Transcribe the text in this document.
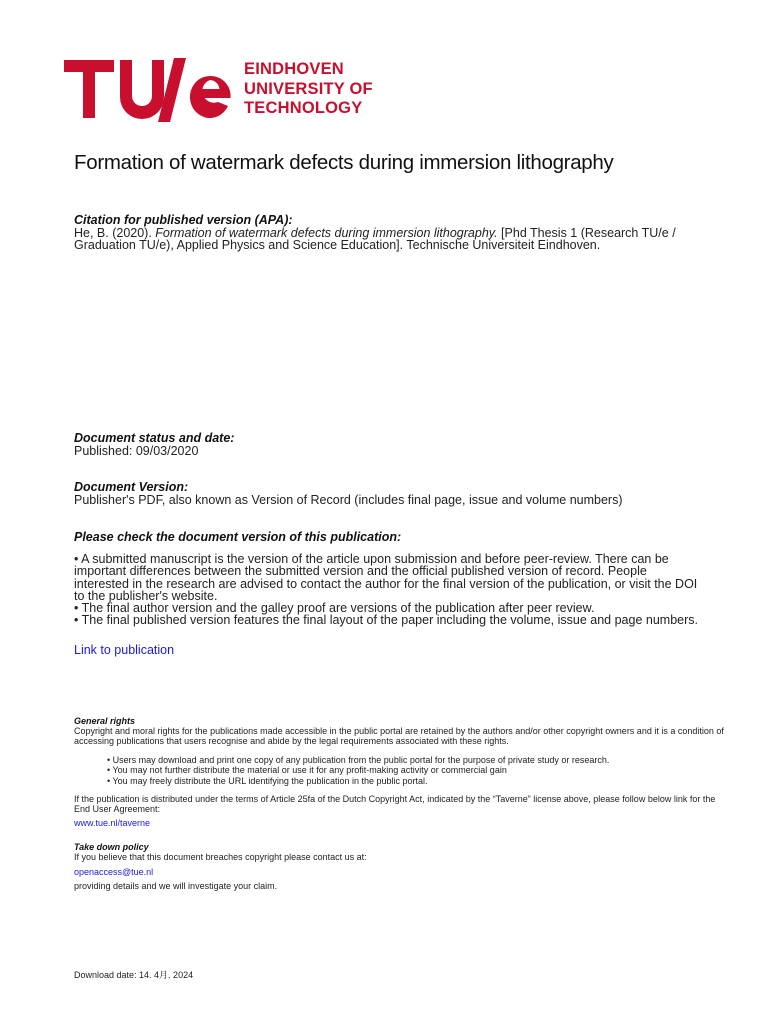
EINDHOVEN
UNIVERSITY OF
TECHNOLOGY
Formation of watermark defects during immersion lithography
Citation for published version (APA):

He, B. (2020). Formation of watermark defects during immersion lithography. [Phd Thesis 1 (Research TU/e / Graduation TU/e), Applied Physics and Science Education]. Technische Universiteit Eindhoven.

Document status and date:

Published: 09/03/2020

Document Version:

Publisher's PDF, also known as Version of Record (includes final page, issue and volume numbers)

Please check the document version of this publication:

• A submitted manuscript is the version of the article upon submission and before peer-review. There can be important differences between the submitted version and the official published version of record. People interested in the research are advised to contact the author for the final version of the publication, or visit the DOI to the publisher's website.

• The final author version and the galley proof are versions of the publication after peer review.

• The final published version features the final layout of the paper including the volume, issue and page numbers.

Link to publication
General rights

Copyright and moral rights for the publications made accessible in the public portal are retained by the authors and/or other copyright owners and it is a condition of accessing publications that users recognise and abide by the legal requirements associated with these rights.

• Users may download and print one copy of any publication from the public portal for the purpose of private study or research.

• You may not further distribute the material or use it for any profit-making activity or commercial gain

• You may freely distribute the URL identifying the publication in the public portal.

If the publication is distributed under the terms of Article 25fa of the Dutch Copyright Act, indicated by the “Taverne” license above, please follow below link for the End User Agreement:
www.tue.nl/taverne
Take down policy

If you believe that this document breaches copyright please contact us at:

openaccess@tue.nl

providing details and we will investigate your claim.

Download date: 14. 4月. 2024
